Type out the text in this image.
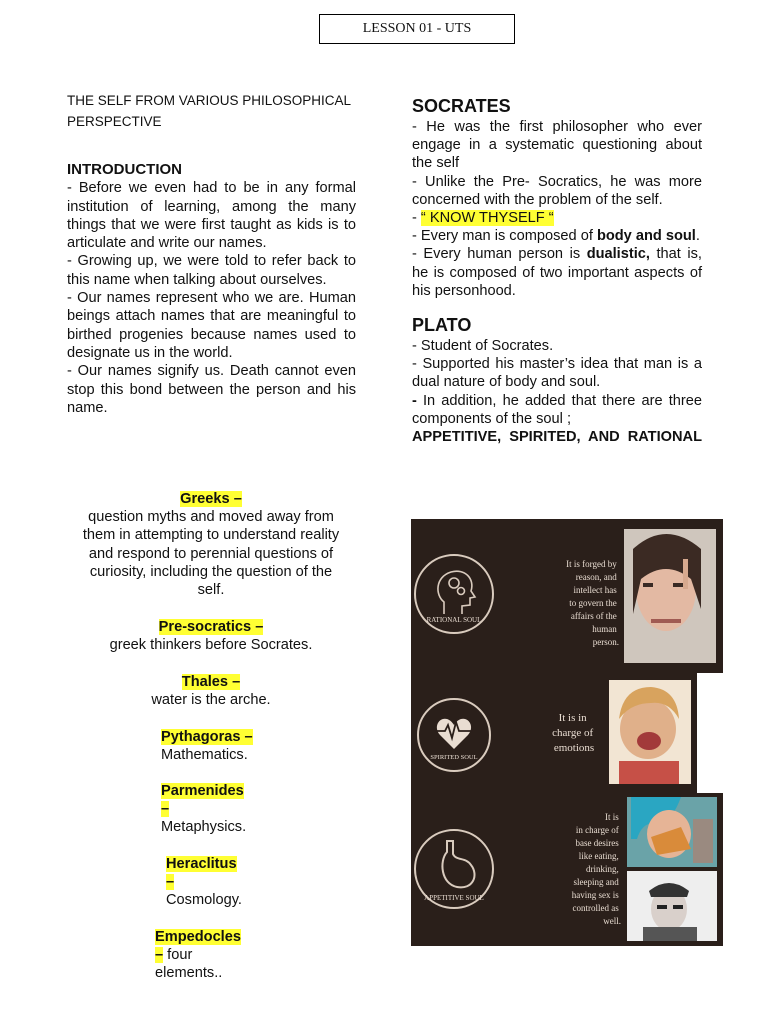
LESSON 01 - UTS
THE SELF FROM VARIOUS PHILOSOPHICAL
PERSPECTIVE
INTRODUCTION

- Before we even had to be in any formal institution of learning, among the many things that we were first taught as kids is to articulate and write our names.

- Growing up, we were told to refer back to this name when talking about ourselves.

- Our names represent who we are. Human beings attach names that are meaningful to birthed progenies because names used to designate us in the world.

- Our names signify us. Death cannot even stop this bond between the person and his name.

Greeks –
question myths and moved away from them in attempting to understand reality and respond to perennial questions of curiosity, including the question of the self.
Pre-socratics –
greek thinkers before Socrates.
Thales –
water is the arche.
Pythagoras –
Mathematics.
Parmenides
–
Metaphysics.
Heraclitus
–
Cosmology.
Empedocles
– four
elements..
SOCRATES

- He was the first philosopher who ever engage in a systematic questioning about the self

- Unlike the Pre- Socratics, he was more concerned with the problem of the self.

- “ KNOW THYSELF “

- Every man is composed of body and soul.

- Every human person is dualistic, that is, he is composed of two important aspects of his personhood.

PLATO

- Student of Socrates.

- Supported his master’s idea that man is a dual nature of body and soul.

- In addition, he added that there are three components of the soul ;

APPETITIVE, SPIRITED, AND RATIONAL

RATIONAL SOUL
It is forged by reason, and intellect has to govern the affairs of the human person.
SPIRITED SOUL
It is in charge of emotions
APPETITIVE SOUL
It is in charge of base desires like eating, drinking, sleeping and having sex is controlled as well.
